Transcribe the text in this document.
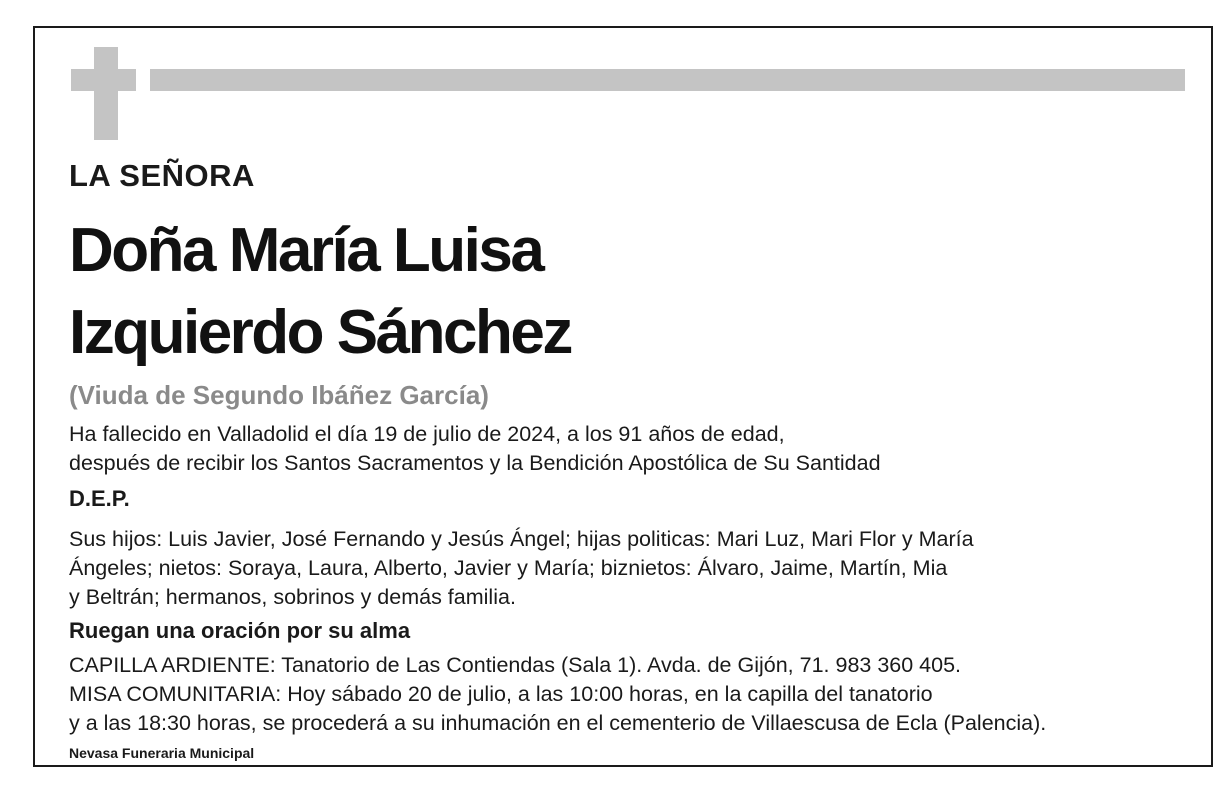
LA SEÑORA
Doña María Luisa
Izquierdo Sánchez
(Viuda de Segundo Ibáñez García)
Ha fallecido en Valladolid el día 19 de julio de 2024, a los 91 años de edad,
después de recibir los Santos Sacramentos y la Bendición Apostólica de Su Santidad
D.E.P.
Sus hijos: Luis Javier, José Fernando y Jesús Ángel; hijas politicas: Mari Luz, Mari Flor y María
Ángeles; nietos: Soraya, Laura, Alberto, Javier y María; biznietos: Álvaro, Jaime, Martín, Mia
y Beltrán; hermanos, sobrinos y demás familia.
Ruegan una oración por su alma
CAPILLA ARDIENTE: Tanatorio de Las Contiendas (Sala 1). Avda. de Gijón, 71. 983 360 405.
MISA COMUNITARIA: Hoy sábado 20 de julio, a las 10:00 horas, en la capilla del tanatorio
y a las 18:30 horas, se procederá a su inhumación en el cementerio de Villaescusa de Ecla (Palencia).
Nevasa Funeraria Municipal
